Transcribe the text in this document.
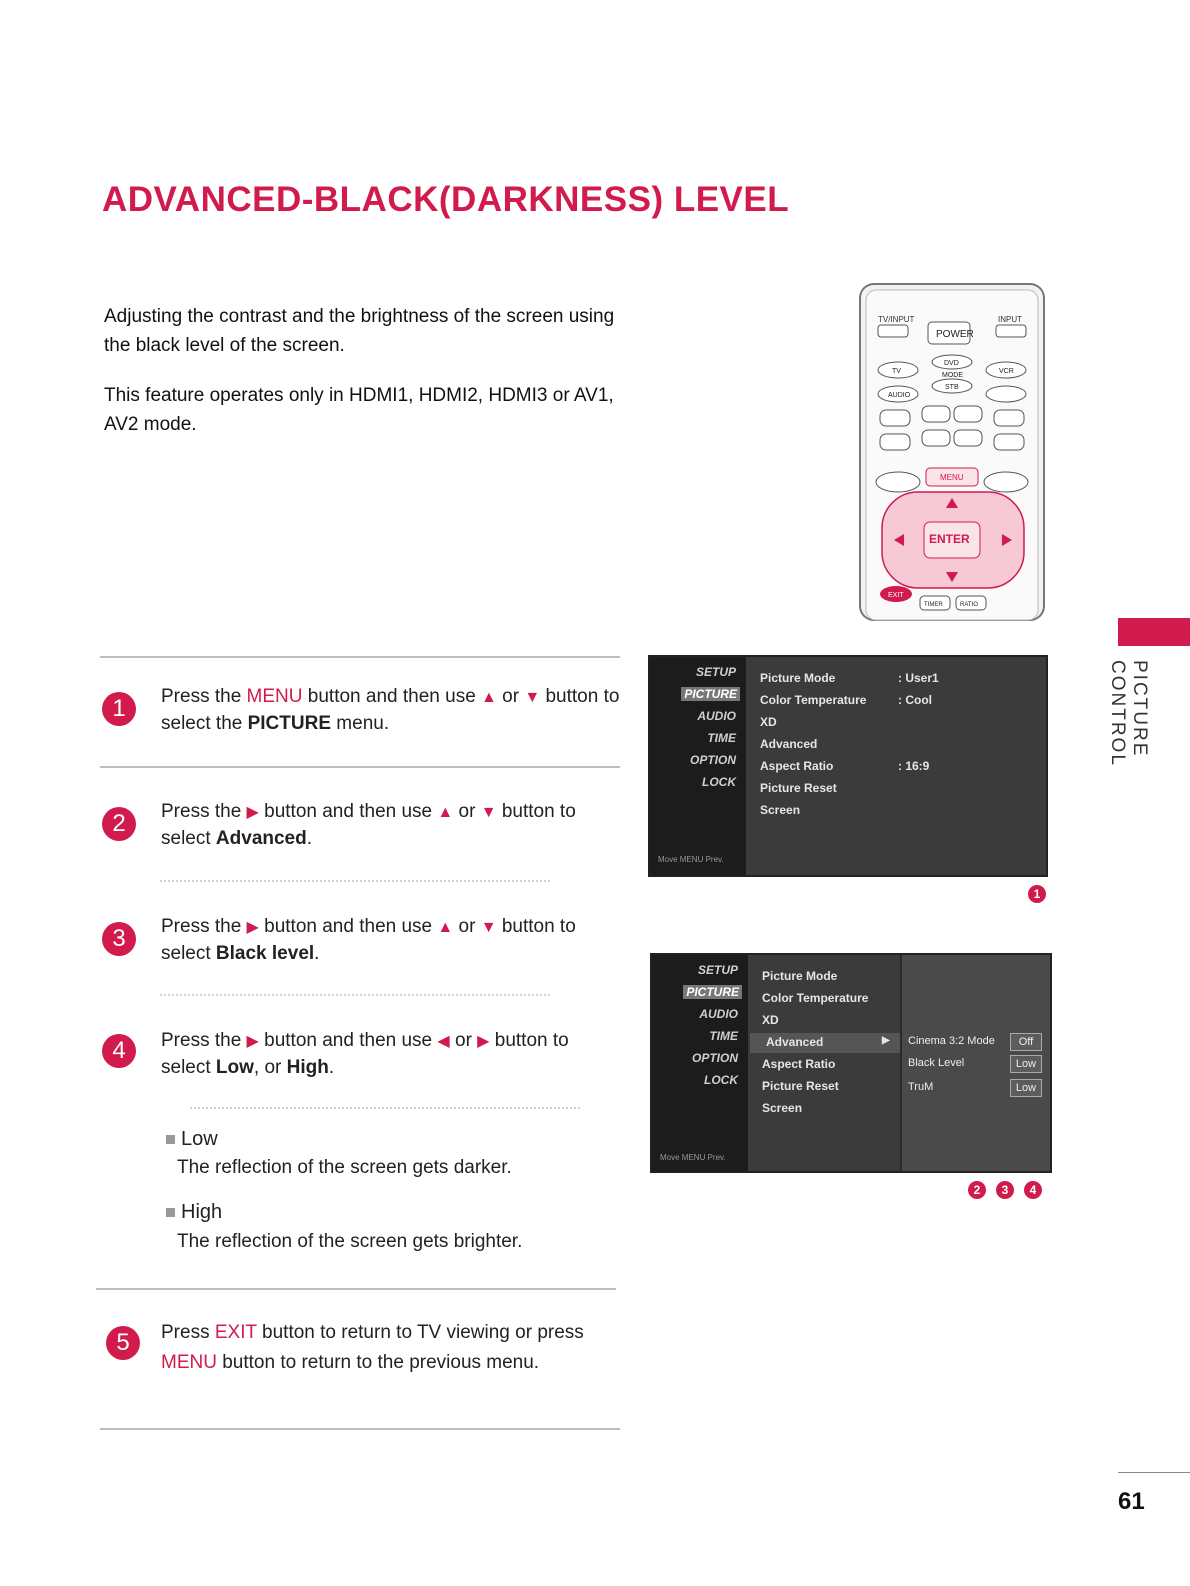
ADVANCED-BLACK(DARKNESS) LEVEL
Adjusting the contrast and the brightness of the screen using the black level of the screen.
This feature operates only in HDMI1, HDMI2, HDMI3 or AV1, AV2 mode.
TV/INPUT	INPUT
POWER
TV
DVD
VCR
MODE
AUDIO
STB
MENU
ENTER
EXIT
TIMER	RATIO
1	Press the MENU button and then use ▲ or ▼ button to select the PICTURE menu.
2	Press the ▶ button and then use ▲ or ▼ button to select Advanced.
3	Press the ▶ button and then use ▲ or ▼ button to select Black level.
4	Press the ▶ button and then use ◀ or ▶ button to select Low, or High.
Low
The reflection of the screen gets darker.
High
The reflection of the screen gets brighter.
5	Press EXIT button to return to TV viewing or press MENU button to return to the previous menu.
SETUP
PICTURE
AUDIO
TIME
OPTION
LOCK
Move MENU Prev.
Picture Mode	: User1
Color Temperature	: Cool
XD
Advanced
Aspect Ratio	: 16:9
Picture Reset
Screen
1
SETUP
PICTURE
AUDIO
TIME
OPTION
LOCK
Move MENU Prev.
Picture Mode
Color Temperature
XD
Advanced	▶
Aspect Ratio
Picture Reset
Screen
Cinema 3:2 Mode	Off
Black Level	Low
TruM	Low
2	3	4
PICTURE CONTROL
61
